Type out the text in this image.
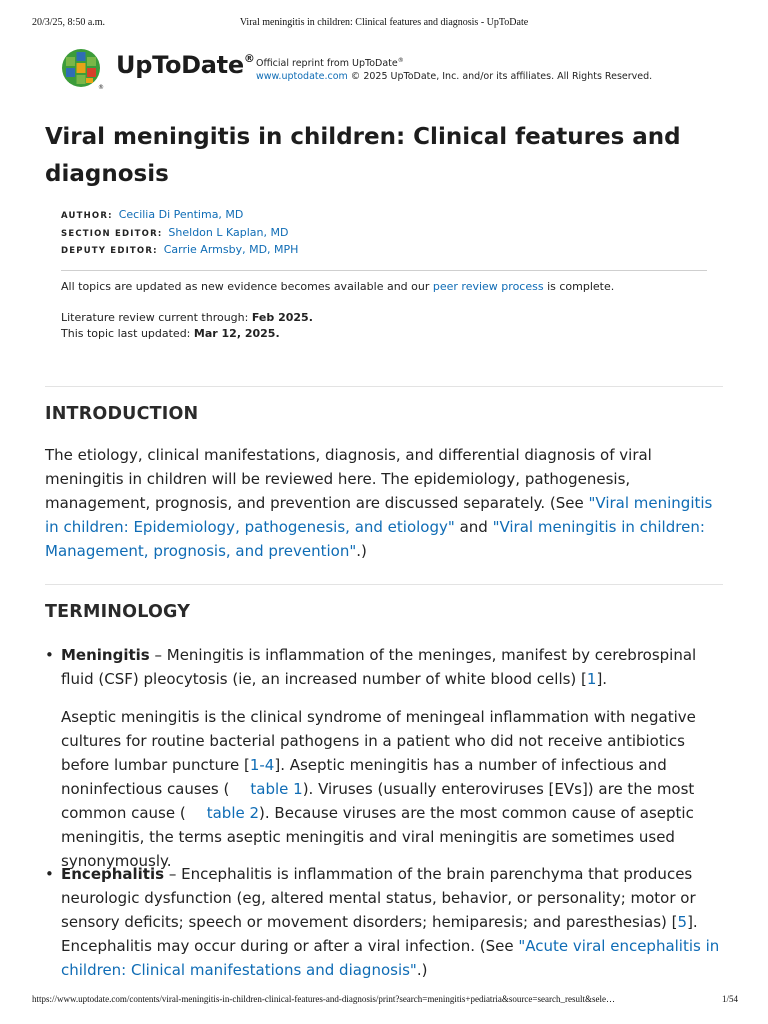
20/3/25, 8:50 a.m.	Viral meningitis in children: Clinical features and diagnosis - UpToDate
®
UpToDate® Official reprint from UpToDate®
www.uptodate.com © 2025 UpToDate, Inc. and/or its affiliates. All Rights Reserved.
Viral meningitis in children: Clinical features and diagnosis
AUTHOR: Cecilia Di Pentima, MD
SECTION EDITOR: Sheldon L Kaplan, MD
DEPUTY EDITOR: Carrie Armsby, MD, MPH
All topics are updated as new evidence becomes available and our peer review process is complete.
Literature review current through: Feb 2025.
This topic last updated: Mar 12, 2025.
INTRODUCTION

The etiology, clinical manifestations, diagnosis, and differential diagnosis of viral meningitis in children will be reviewed here. The epidemiology, pathogenesis, management, prognosis, and prevention are discussed separately. (See "Viral meningitis in children: Epidemiology, pathogenesis, and etiology" and "Viral meningitis in children: Management, prognosis, and prevention".)

TERMINOLOGY
• Meningitis – Meningitis is inflammation of the meninges, manifest by cerebrospinal fluid (CSF) pleocytosis (ie, an increased number of white blood cells) [1].

Aseptic meningitis is the clinical syndrome of meningeal inflammation with negative cultures for routine bacterial pathogens in a patient who did not receive antibiotics before lumbar puncture [1-4]. Aseptic meningitis has a number of infectious and noninfectious causes ( table 1). Viruses (usually enteroviruses [EVs]) are the most common cause ( table 2). Because viruses are the most common cause of aseptic meningitis, the terms aseptic meningitis and viral meningitis are sometimes used synonymously.

• Encephalitis – Encephalitis is inflammation of the brain parenchyma that produces neurologic dysfunction (eg, altered mental status, behavior, or personality; motor or sensory deficits; speech or movement disorders; hemiparesis; and paresthesias) [5]. Encephalitis may occur during or after a viral infection. (See "Acute viral encephalitis in children: Clinical manifestations and diagnosis".)

https://www.uptodate.com/contents/viral-meningitis-in-children-clinical-features-and-diagnosis/print?search=meningitis+pediatria&source=search_result&sele…	1/54
